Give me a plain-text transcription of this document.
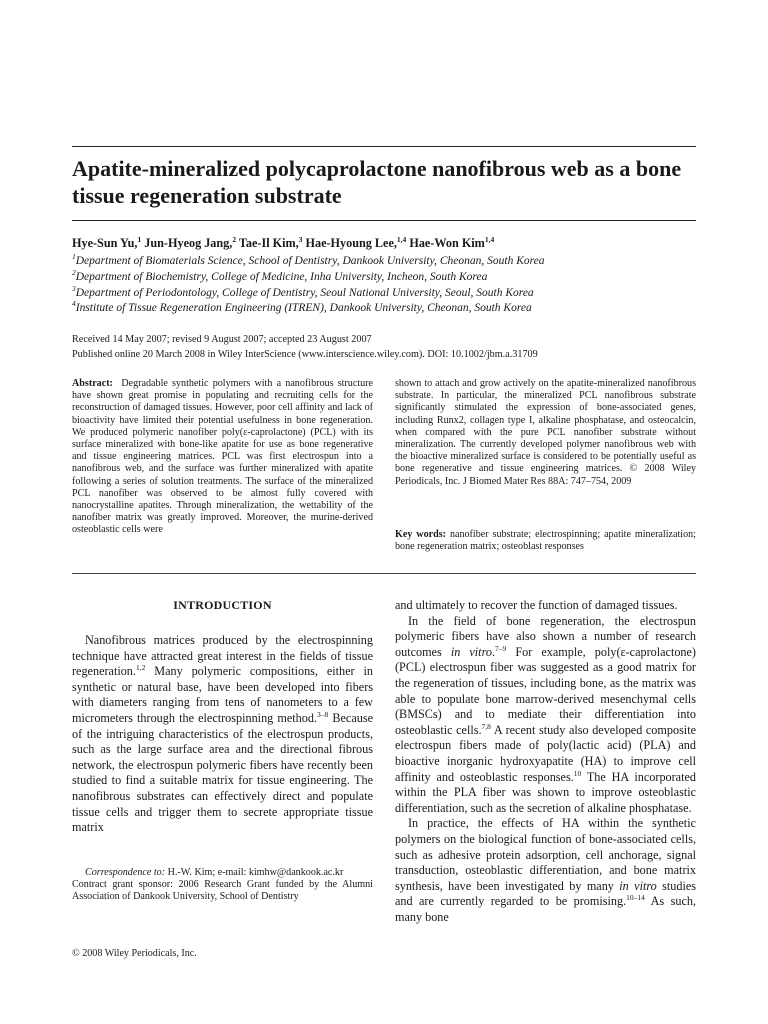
Apatite-mineralized polycaprolactone nanofibrous web as a bone tissue regeneration substrate

Hye-Sun Yu,$^1$ Jun-Hyeog Jang,$^2$ Tae-Il Kim,$^3$ Hae-Hyoung Lee,$^{1,4}$ Hae-Won Kim$^{1,4}$

$^1$Department of Biomaterials Science, School of Dentistry, Dankook University, Cheonan, South Korea

$^2$Department of Biochemistry, College of Medicine, Inha University, Incheon, South Korea

$^3$Department of Periodontology, College of Dentistry, Seoul National University, Seoul, South Korea

$^4$Institute of Tissue Regeneration Engineering (ITREN), Dankook University, Cheonan, South Korea

Received 14 May 2007; revised 9 August 2007; accepted 23 August 2007

Published online 20 March 2008 in Wiley InterScience (www.interscience.wiley.com). DOI: 10.1002/jbm.a.31709

Abstract: Degradable synthetic polymers with a nanofibrous structure have shown great promise in populating and recruiting cells for the reconstruction of damaged tissues. However, poor cell affinity and lack of bioactivity have limited their potential usefulness in bone regeneration. We produced polymeric nanofiber poly(ε-caprolactone) (PCL) with its surface mineralized with bone-like apatite for use as bone regenerative and tissue engineering matrices. PCL was first electrospun into a nanofibrous web, and the surface was further mineralized with apatite following a series of solution treatments. The surface of the mineralized PCL nanofiber was observed to be almost fully covered with nanocrystalline apatites. Through mineralization, the wettability of the nanofiber matrix was greatly improved. Moreover, the murine-derived osteoblastic cells were

shown to attach and grow actively on the apatite-mineralized nanofibrous substrate. In particular, the mineralized PCL nanofibrous substrate significantly stimulated the expression of bone-associated genes, including Runx2, collagen type I, alkaline phosphatase, and osteocalcin, when compared with the pure PCL nanofiber substrate without mineralization. The currently developed polymer nanofibrous web with the bioactive mineralized surface is considered to be potentially useful as bone regenerative and tissue engineering matrices. © 2008 Wiley Periodicals, Inc. J Biomed Mater Res 88A: 747–754, 2009

Key words: nanofiber substrate; electrospinning; apatite mineralization; bone regeneration matrix; osteoblast responses

INTRODUCTION

Nanofibrous matrices produced by the electrospinning technique have attracted great interest in the fields of tissue regeneration.$^{1,2}$ Many polymeric compositions, either in synthetic or natural base, have been developed into fibers with diameters ranging from tens of nanometers to a few micrometers through the electrospinning method.$^{3-8}$ Because of the intriguing characteristics of the electrospun products, such as the large surface area and the directional fibrous network, the electrospun polymeric fibers have recently been studied to find a suitable matrix for tissue engineering. The nanofibrous substrates can effectively direct and populate tissue cells and trigger them to secrete appropriate tissue matrix

and ultimately to recover the function of damaged tissues.

In the field of bone regeneration, the electrospun polymeric fibers have also shown a number of research outcomes in vitro.$^{7-9}$ For example, poly(ε-caprolactone) (PCL) electrospun fiber was suggested as a good matrix for the regeneration of tissues, including bone, as the matrix was able to populate bone marrow-derived mesenchymal cells (BMSCs) and to mediate their differentiation into osteoblastic cells.$^{7,8}$ A recent study also developed composite electrospun fibers made of poly(lactic acid) (PLA) and bioactive inorganic hydroxyapatite (HA) to improve cell affinity and osteoblastic responses.$^{10}$ The HA incorporated within the PLA fiber was shown to improve osteoblastic differentiation, such as the secretion of alkaline phosphatase.

In practice, the effects of HA within the synthetic polymers on the biological function of bone-associated cells, such as adhesive protein adsorption, cell anchorage, signal transduction, osteoblastic differentiation, and bone matrix synthesis, have been investigated by many in vitro studies and are currently regarded to be promising.$^{10-14}$ As such, many bone

Correspondence to: H.-W. Kim; e-mail: kimhw@dankook.ac.kr

Contract grant sponsor: 2006 Research Grant funded by the Alumni Association of Dankook University, School of Dentistry

© 2008 Wiley Periodicals, Inc.
